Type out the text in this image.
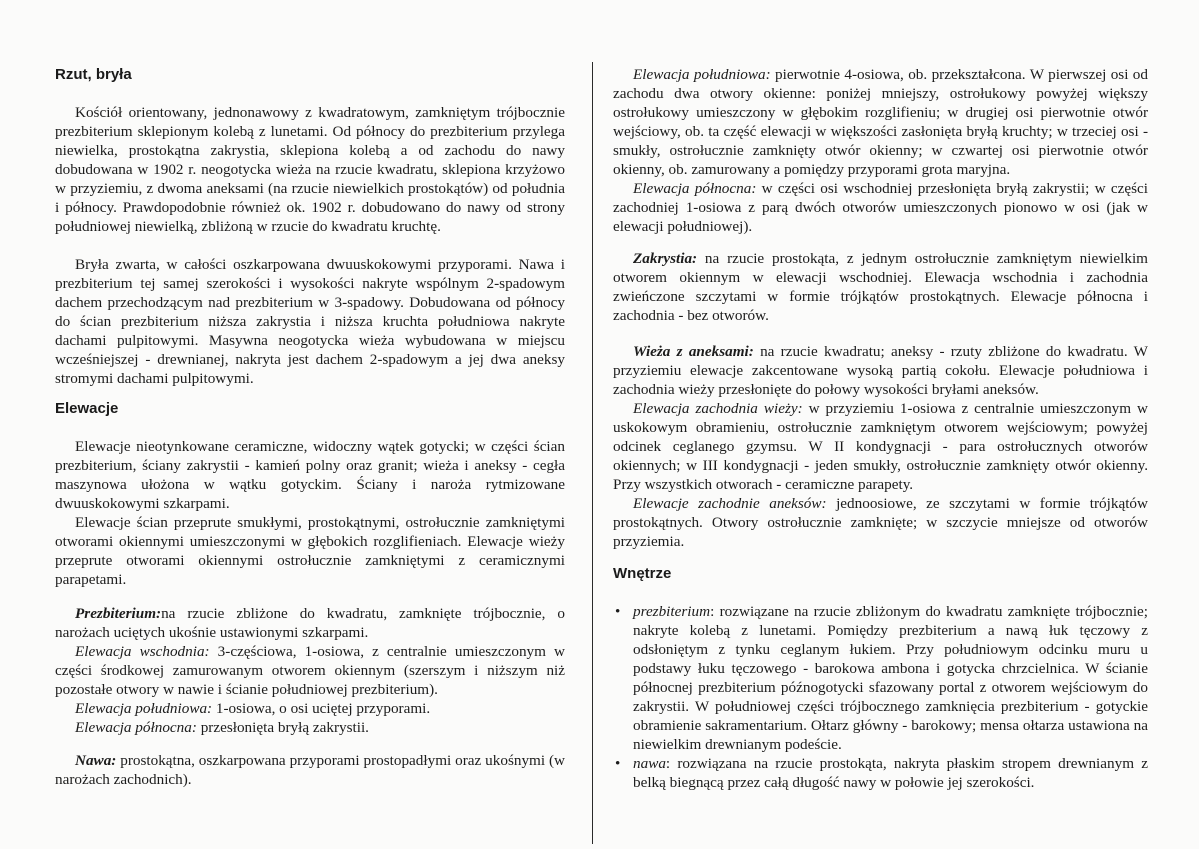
Rzut, bryła

Kościół orientowany, jednonawowy z kwadratowym, zamkniętym trójbocznie prezbiterium sklepionym kolebą z lunetami. Od północy do prezbiterium przylega niewielka, prostokątna zakrystia, sklepiona kolebą a od zachodu do nawy dobudowana w 1902 r. neogotycka wieża na rzucie kwadratu, sklepiona krzyżowo w przyziemiu, z dwoma aneksami (na rzucie niewielkich prostokątów) od południa i północy. Prawdopodobnie również ok. 1902 r. dobudowano do nawy od strony południowej niewielką, zbliżoną w rzucie do kwadratu kruchtę.

Bryła zwarta, w całości oszkarpowana dwuuskokowymi przyporami. Nawa i prezbiterium tej samej szerokości i wysokości nakryte wspólnym 2-spadowym dachem przechodzącym nad prezbiterium w 3-spadowy. Dobudowana od północy do ścian prezbiterium niższa zakrystia i niższa kruchta południowa nakryte dachami pulpitowymi. Masywna neogotycka wieża wybudowana w miejscu wcześniejszej - drewnianej, nakryta jest dachem 2-spadowym a jej dwa aneksy stromymi dachami pulpitowymi.

Elewacje

Elewacje nieotynkowane ceramiczne, widoczny wątek gotycki; w części ścian prezbiterium, ściany zakrystii - kamień polny oraz granit; wieża i aneksy - cegła maszynowa ułożona w wątku gotyckim. Ściany i naroża rytmizowane dwuuskokowymi szkarpami.

Elewacje ścian przeprute smukłymi, prostokątnymi, ostrołucznie zamkniętymi otworami okiennymi umieszczonymi w głębokich rozglifieniach. Elewacje wieży przeprute otworami okiennymi ostrołucznie zamkniętymi z ceramicznymi parapetami.

Prezbiterium:na rzucie zbliżone do kwadratu, zamknięte trójbocznie, o narożach uciętych ukośnie ustawionymi szkarpami.

Elewacja wschodnia: 3-częściowa, 1-osiowa, z centralnie umieszczonym w części środkowej zamurowanym otworem okiennym (szerszym i niższym niż pozostałe otwory w nawie i ścianie południowej prezbiterium).

Elewacja południowa: 1-osiowa, o osi uciętej przyporami.

Elewacja północna: przesłonięta bryłą zakrystii.

Nawa: prostokątna, oszkarpowana przyporami prostopadłymi oraz ukośnymi (w narożach zachodnich).

Elewacja południowa: pierwotnie 4-osiowa, ob. przekształcona. W pierwszej osi od zachodu dwa otwory okienne: poniżej mniejszy, ostrołukowy powyżej większy ostrołukowy umieszczony w głębokim rozglifieniu; w drugiej osi pierwotnie otwór wejściowy, ob. ta część elewacji w większości zasłonięta bryłą kruchty; w trzeciej osi - smukły, ostrołucznie zamknięty otwór okienny; w czwartej osi pierwotnie otwór okienny, ob. zamurowany a pomiędzy przyporami grota maryjna.

Elewacja północna: w części osi wschodniej przesłonięta bryłą zakrystii; w części zachodniej 1-osiowa z parą dwóch otworów umieszczonych pionowo w osi (jak w elewacji południowej).

Zakrystia: na rzucie prostokąta, z jednym ostrołucznie zamkniętym niewielkim otworem okiennym w elewacji wschodniej. Elewacja wschodnia i zachodnia zwieńczone szczytami w formie trójkątów prostokątnych. Elewacje północna i zachodnia - bez otworów.

Wieża z aneksami: na rzucie kwadratu; aneksy - rzuty zbliżone do kwadratu. W przyziemiu elewacje zakcentowane wysoką partią cokołu. Elewacje południowa i zachodnia wieży przesłonięte do połowy wysokości bryłami aneksów.

Elewacja zachodnia wieży: w przyziemiu 1-osiowa z centralnie umieszczonym w uskokowym obramieniu, ostrołucznie zamkniętym otworem wejściowym; powyżej odcinek ceglanego gzymsu. W II kondygnacji - para ostrołucznych otworów okiennych; w III kondygnacji - jeden smukły, ostrołucznie zamknięty otwór okienny. Przy wszystkich otworach - ceramiczne parapety.

Elewacje zachodnie aneksów: jednoosiowe, ze szczytami w formie trójkątów prostokątnych. Otwory ostrołucznie zamknięte; w szczycie mniejsze od otworów przyziemia.

Wnętrze
• prezbiterium: rozwiązane na rzucie zbliżonym do kwadratu zamknięte trójbocznie; nakryte kolebą z lunetami. Pomiędzy prezbiterium a nawą łuk tęczowy z odsłoniętym z tynku ceglanym łukiem. Przy południowym odcinku muru u podstawy łuku tęczowego - barokowa ambona i gotycka chrzcielnica. W ścianie północnej prezbiterium późnogotycki sfazowany portal z otworem wejściowym do zakrystii. W południowej części trójbocznego zamknięcia prezbiterium - gotyckie obramienie sakramentarium. Ołtarz główny - barokowy; mensa ołtarza ustawiona na niewielkim drewnianym podeście.
• nawa: rozwiązana na rzucie prostokąta, nakryta płaskim stropem drewnianym z belką biegnącą przez całą długość nawy w połowie jej szerokości.
